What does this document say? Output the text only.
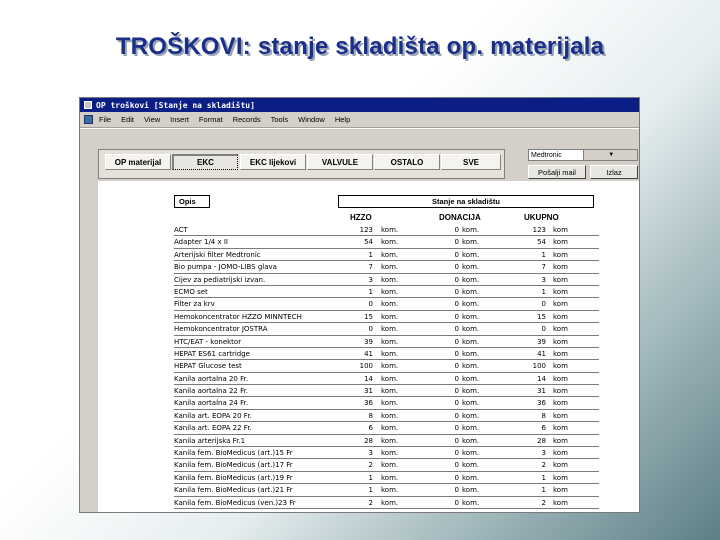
TROŠKOVI: stanje skladišta op. materijala
OP troškovi [Stanje na skladištu]
File Edit View Insert Format Records Tools Window Help
OP materijal	EKC	EKC lijekovi	VALVULE	OSTALO	SVE
Medtronic	▼
Pošalji mail	Izlaz
Opis	Stanje na skladištu
HZZO	DONACIJA	UKUPNO
ACT	123 kom.	0 kom.	123 kom
Adapter 1/4 x II	54 kom.	0 kom.	54 kom
Arterijski filter Medtronic	1 kom.	0 kom.	1 kom
Bio pumpa - JOMO-LIBS glava	7 kom.	0 kom.	7 kom
Cijev za pediatrijski izvan.	3 kom.	0 kom.	3 kom
ECMO set	1 kom.	0 kom.	1 kom
Filter za krv	0 kom.	0 kom.	0 kom
Hemokoncentrator HZZO MINNTECH	15 kom.	0 kom.	15 kom
Hemokoncentrator JOSTRA	0 kom.	0 kom.	0 kom
HTC/EAT - konektor	39 kom.	0 kom.	39 kom
HEPAT ES61 cartridge	41 kom.	0 kom.	41 kom
HEPAT Glucose test	100 kom.	0 kom.	100 kom
Kanila aortalna 20 Fr.	14 kom.	0 kom.	14 kom
Kanila aortalna 22 Fr.	31 kom.	0 kom.	31 kom
Kanila aortalna 24 Fr.	36 kom.	0 kom.	36 kom
Kanila art. EOPA 20 Fr.	8 kom.	0 kom.	8 kom
Kanila art. EOPA 22 Fr.	6 kom.	0 kom.	6 kom
Kanila arterijska Fr.1	28 kom.	0 kom.	28 kom
Kanila fem. BioMedicus (art.)15 Fr	3 kom.	0 kom.	3 kom
Kanila fem. BioMedicus (art.)17 Fr	2 kom.	0 kom.	2 kom
Kanila fem. BioMedicus (art.)19 Fr	1 kom.	0 kom.	1 kom
Kanila fem. BioMedicus (art.)21 Fr	1 kom.	0 kom.	1 kom
Kanila fem. BioMedicus (ven.)23 Fr	2 kom.	0 kom.	2 kom
